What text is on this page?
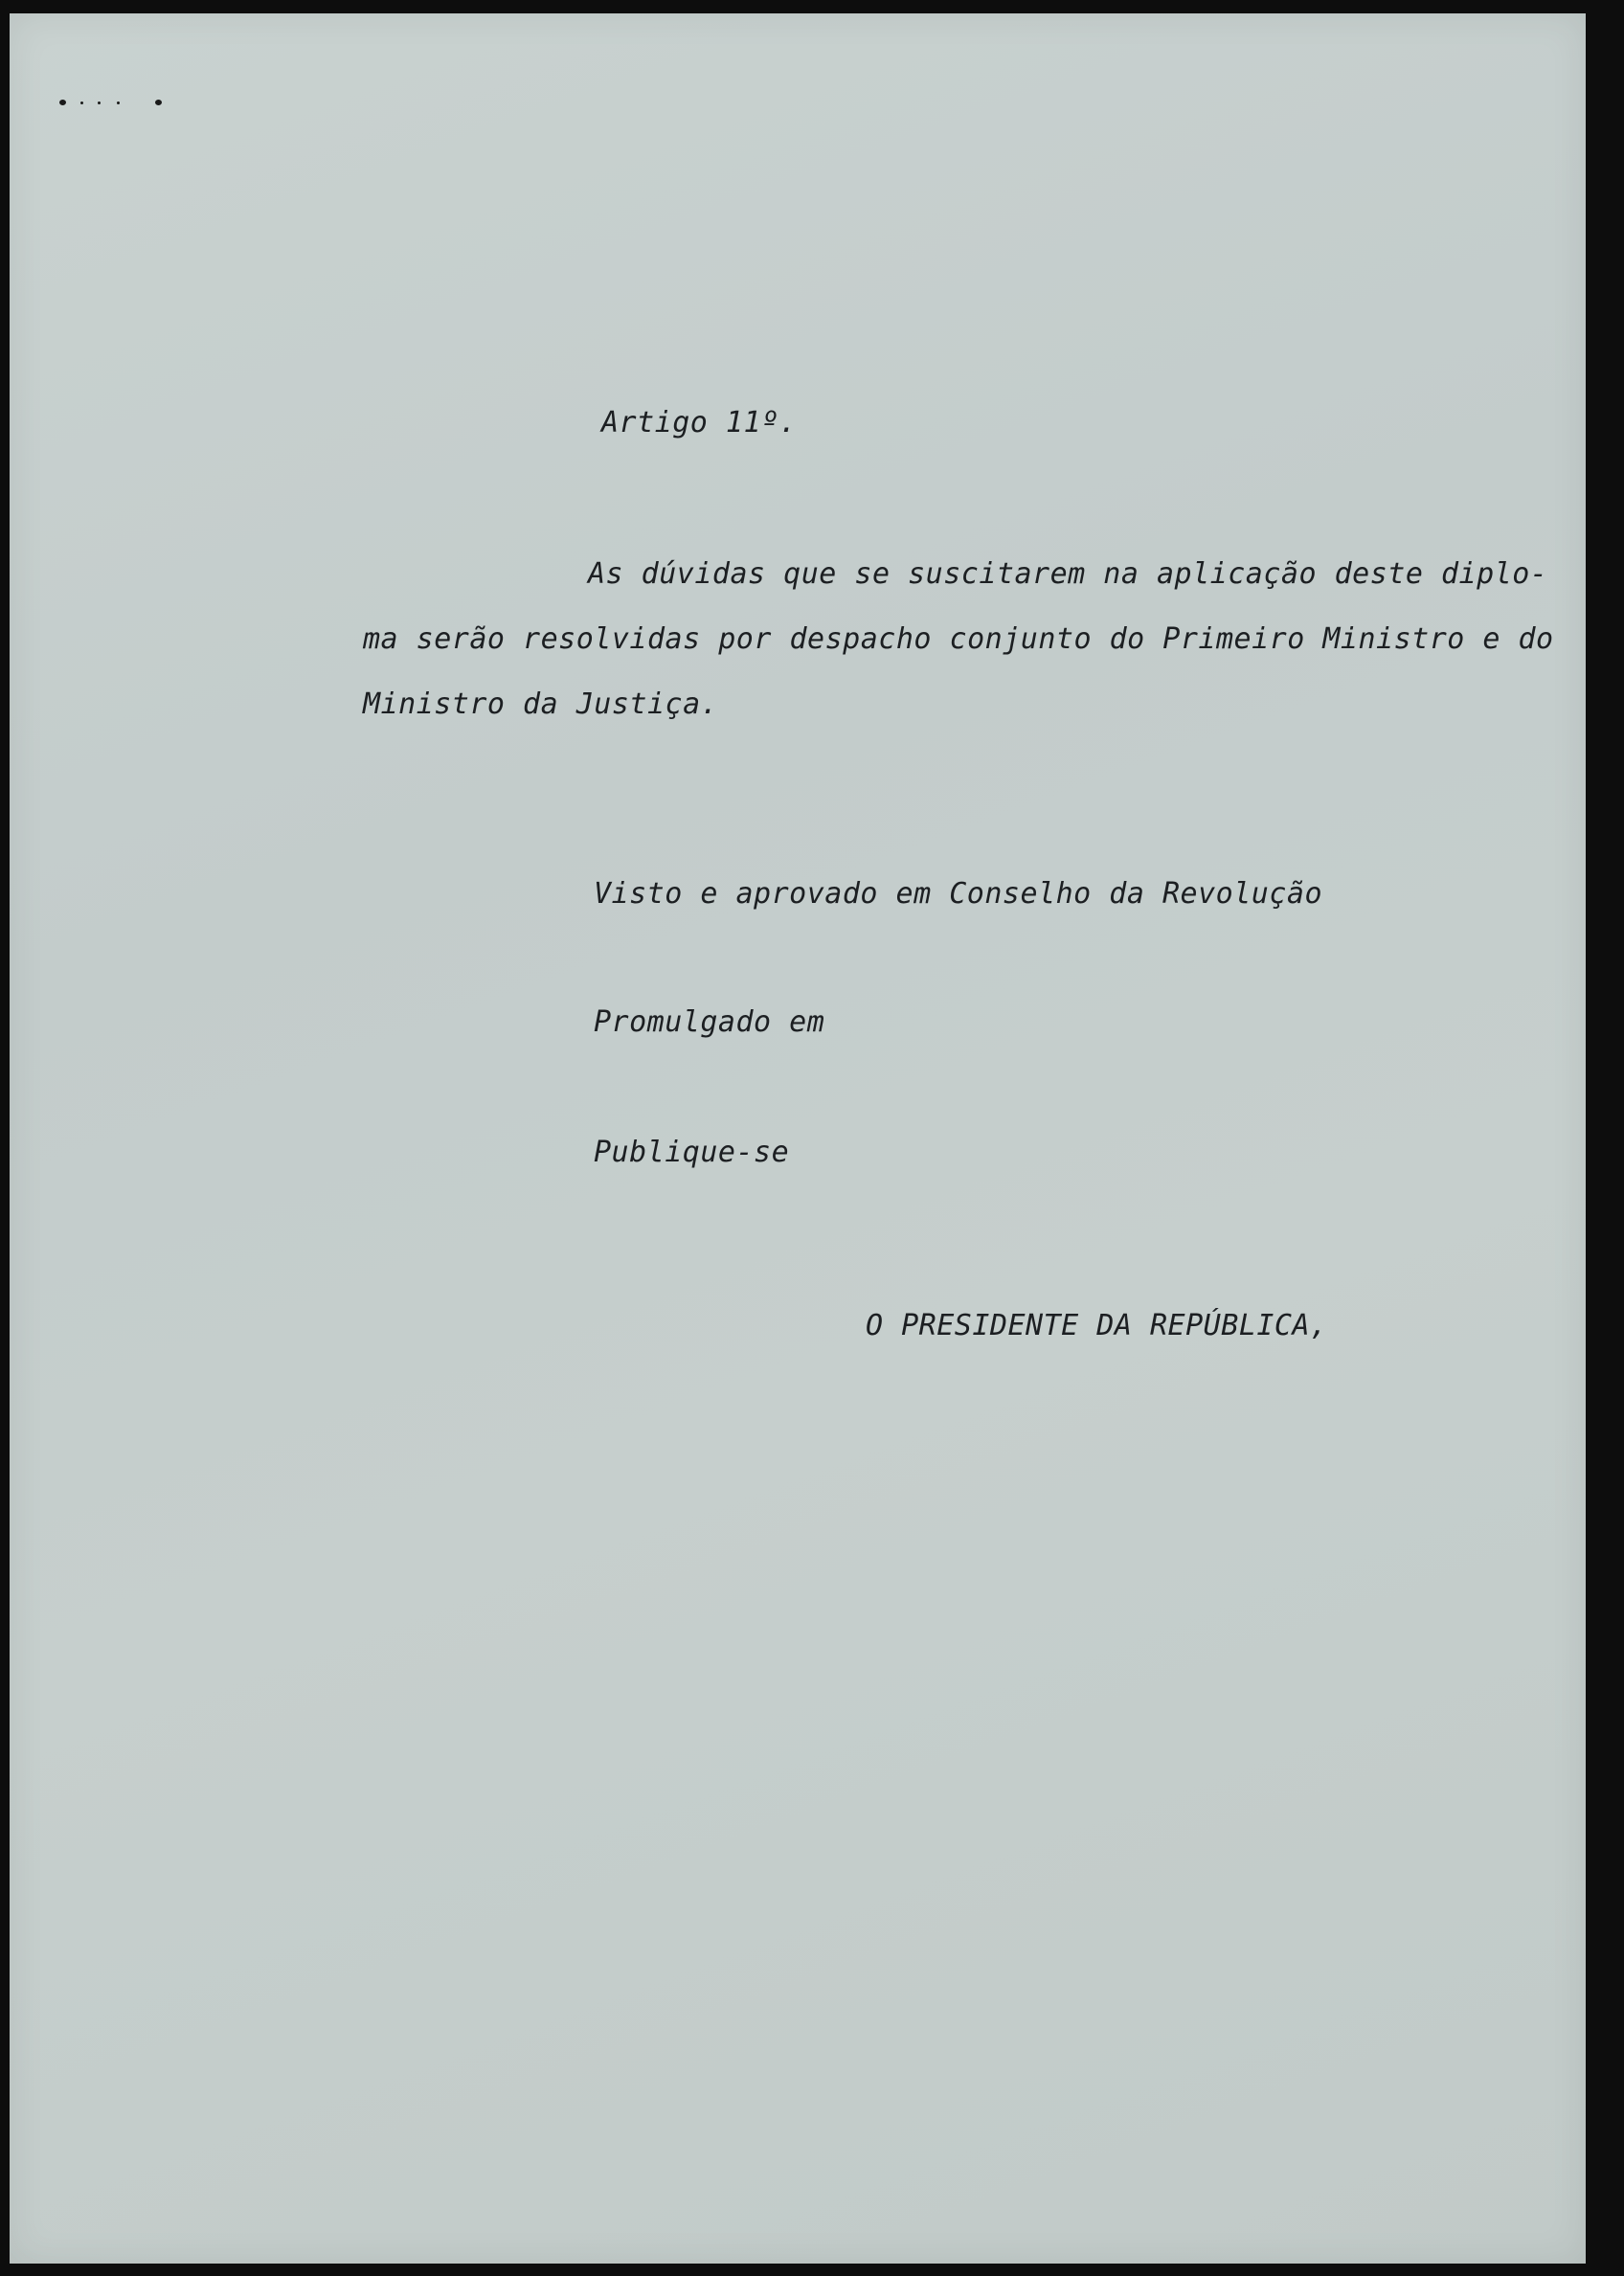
Artigo 11º.
As dúvidas que se suscitarem na aplicação deste diplo-
ma serão resolvidas por despacho conjunto do Primeiro Ministro e do
Ministro da Justiça.
Visto e aprovado em Conselho da Revolução
Promulgado em
Publique-se
O PRESIDENTE DA REPÚBLICA,
